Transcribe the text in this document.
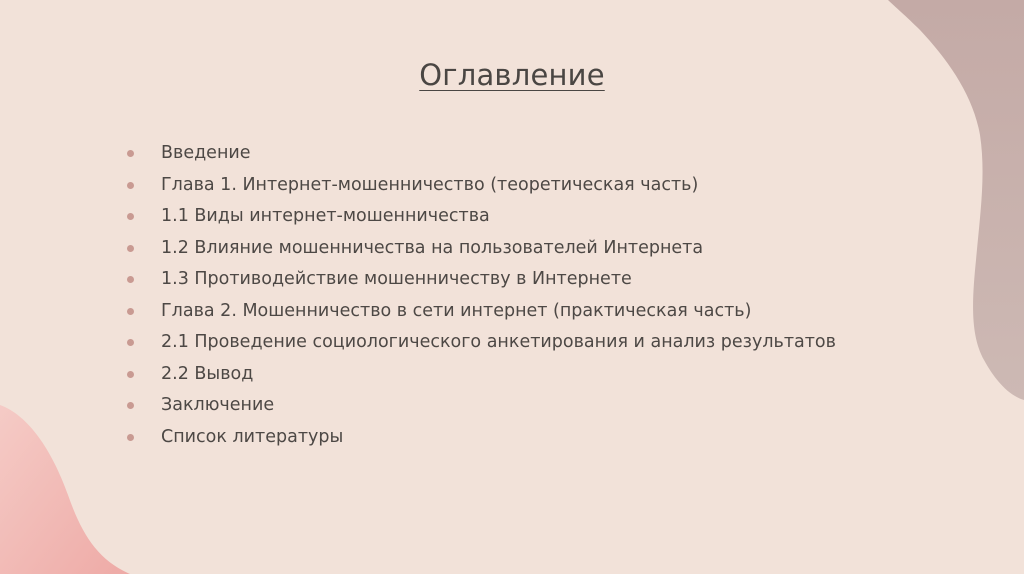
Оглавление
Введение
Глава 1. Интернет-мошенничество (теоретическая часть)
1.1 Виды интернет-мошенничества
1.2 Влияние мошенничества на пользователей Интернета
1.3 Противодействие мошенничеству в Интернете
Глава 2. Мошенничество в сети интернет (практическая часть)
2.1 Проведение социологического анкетирования и анализ результатов
2.2 Вывод
Заключение
Список литературы
